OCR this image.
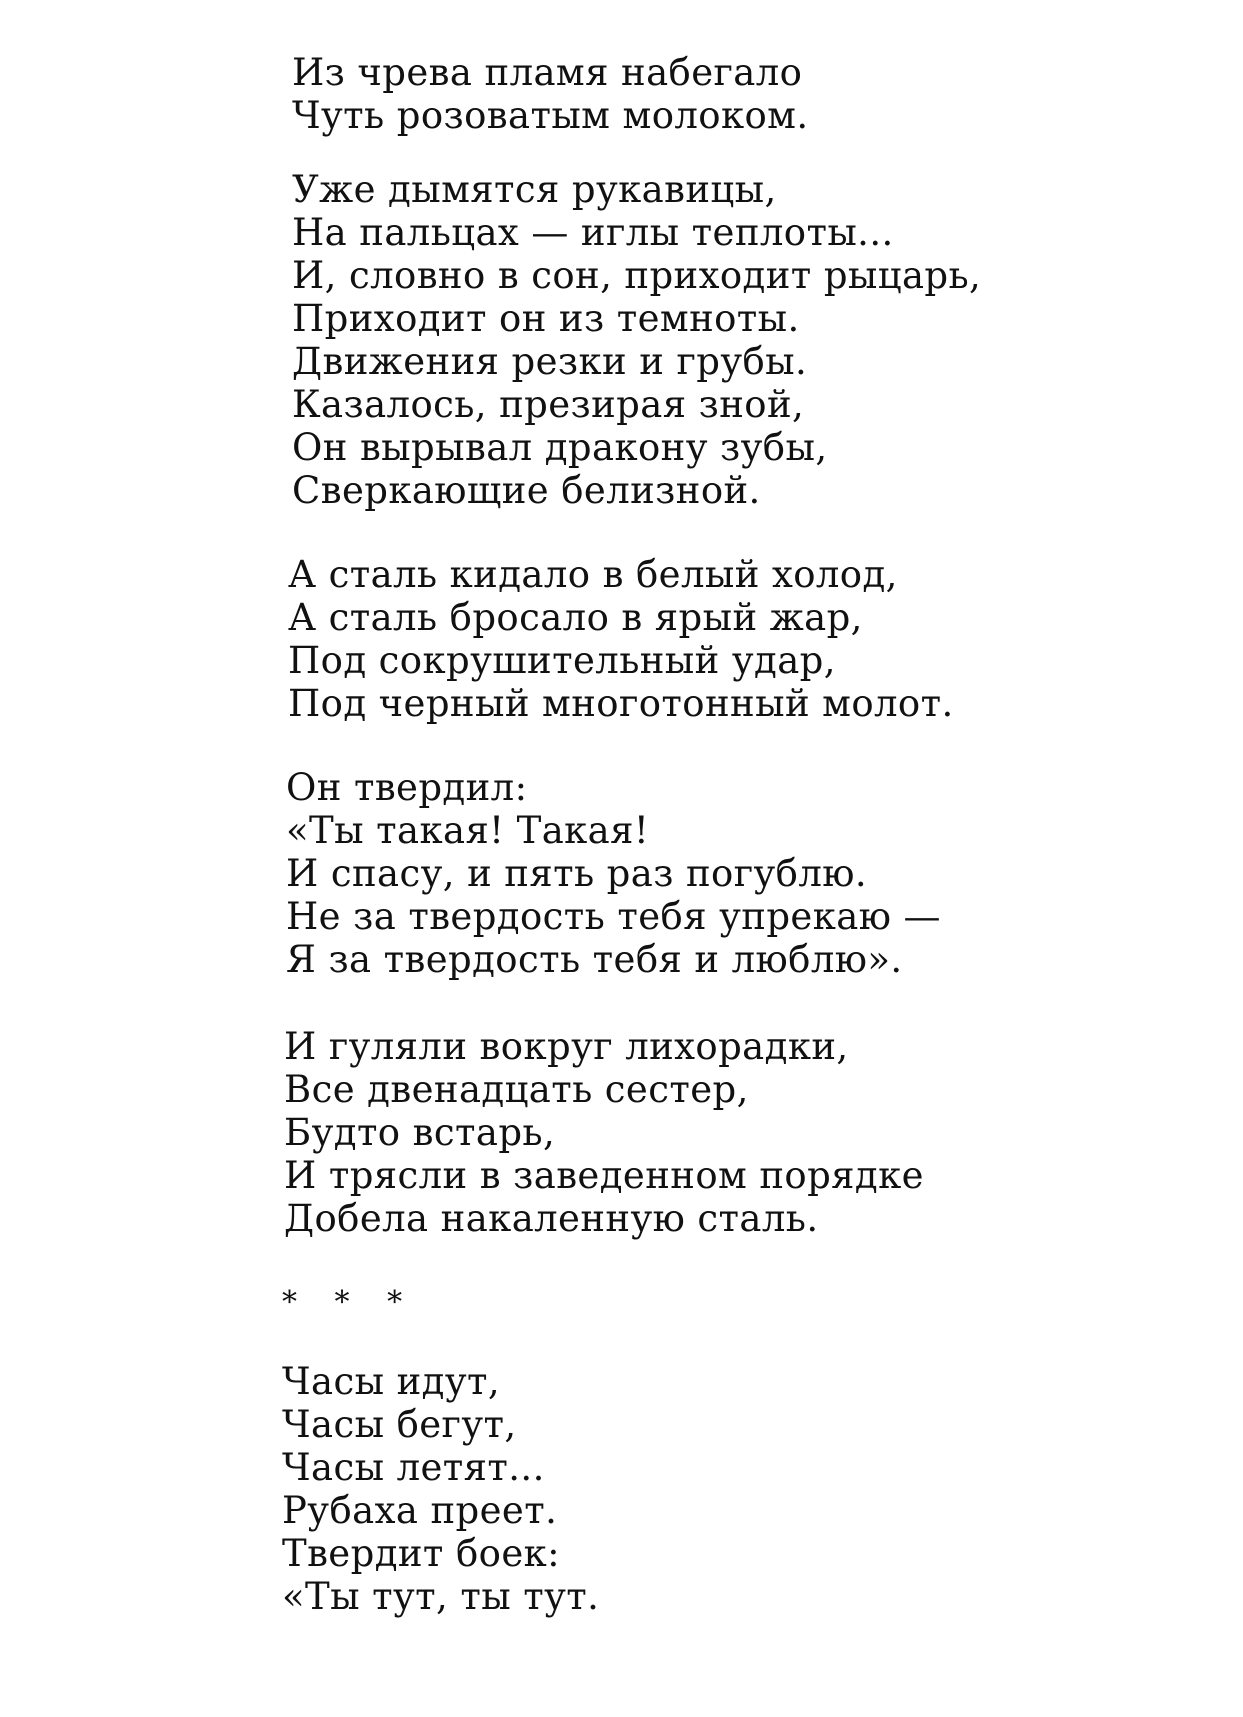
Из чрева пламя набегало
Чуть розоватым молоком.
Уже дымятся рукавицы,
На пальцах — иглы теплоты...
И, словно в сон, приходит рыцарь,
Приходит он из темноты.
Движения резки и грубы.
Казалось, презирая зной,
Он вырывал дракону зубы,
Сверкающие белизной.
А сталь кидало в белый холод,
А сталь бросало в ярый жар,
Под сокрушительный удар,
Под черный многотонный молот.
Он твердил:
«Ты такая! Такая!
И спасу, и пять раз погублю.
Не за твердость тебя упрекаю —
Я за твердость тебя и люблю».
И гуляли вокруг лихорадки,
Все двенадцать сестер,
Будто встарь,
И трясли в заведенном порядке
Добела накаленную сталь.
* * *
Часы идут,
Часы бегут,
Часы летят...
Рубаха преет.
Твердит боек:
«Ты тут, ты тут.
